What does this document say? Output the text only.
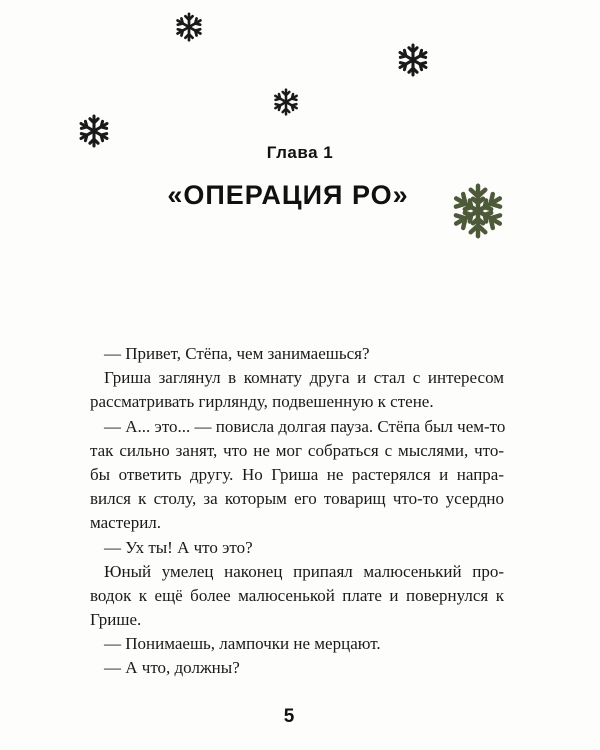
Глава 1
«ОПЕРАЦИЯ РО»
— Привет, Стёпа, чем занимаешься?
Гриша заглянул в комнату друга и стал с интересом
рассматривать гирлянду, подвешенную к стене.
— А... это... — повисла долгая пауза. Стёпа был чем-то
так сильно занят, что не мог собраться с мыслями, что-
бы ответить другу. Но Гриша не растерялся и напра-
вился к столу, за которым его товарищ что-то усердно
мастерил.
— Ух ты! А что это?
Юный умелец наконец припаял малюсенький про-
водок к ещё более малюсенькой плате и повернулся к
Грише.
— Понимаешь, лампочки не мерцают.
— А что, должны?
5
